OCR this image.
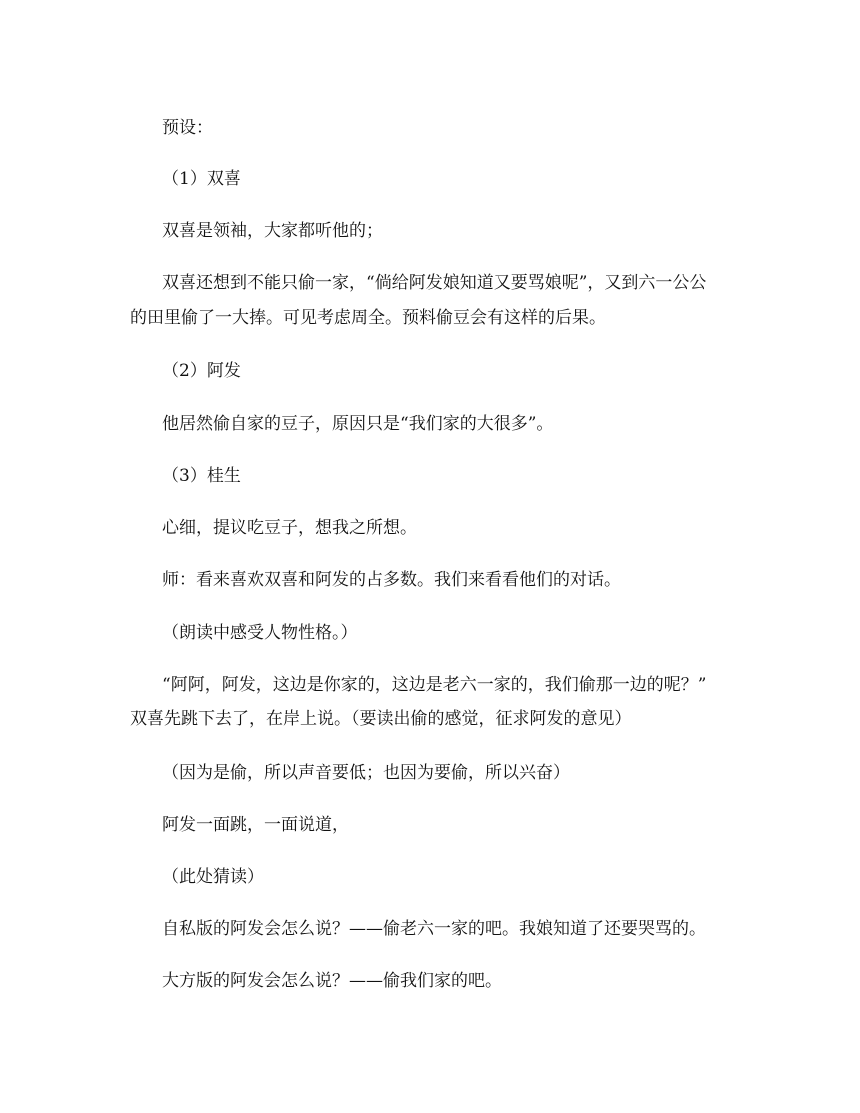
预设：

（1）双喜

双喜是领袖，大家都听他的；

双喜还想到不能只偷一家，“倘给阿发娘知道又要骂娘呢”，又到六一公公

的田里偷了一大捧。可见考虑周全。预料偷豆会有这样的后果。

（2）阿发

他居然偷自家的豆子，原因只是“我们家的大很多”。

（3）桂生

心细，提议吃豆子，想我之所想。

师：看来喜欢双喜和阿发的占多数。我们来看看他们的对话。

（朗读中感受人物性格。）

“阿阿，阿发，这边是你家的，这边是老六一家的，我们偷那一边的呢？”

双喜先跳下去了，在岸上说。（要读出偷的感觉，征求阿发的意见）

（因为是偷，所以声音要低；也因为要偷，所以兴奋）

阿发一面跳，一面说道，

（此处猜读）

自私版的阿发会怎么说？——偷老六一家的吧。我娘知道了还要哭骂的。

大方版的阿发会怎么说？——偷我们家的吧。
